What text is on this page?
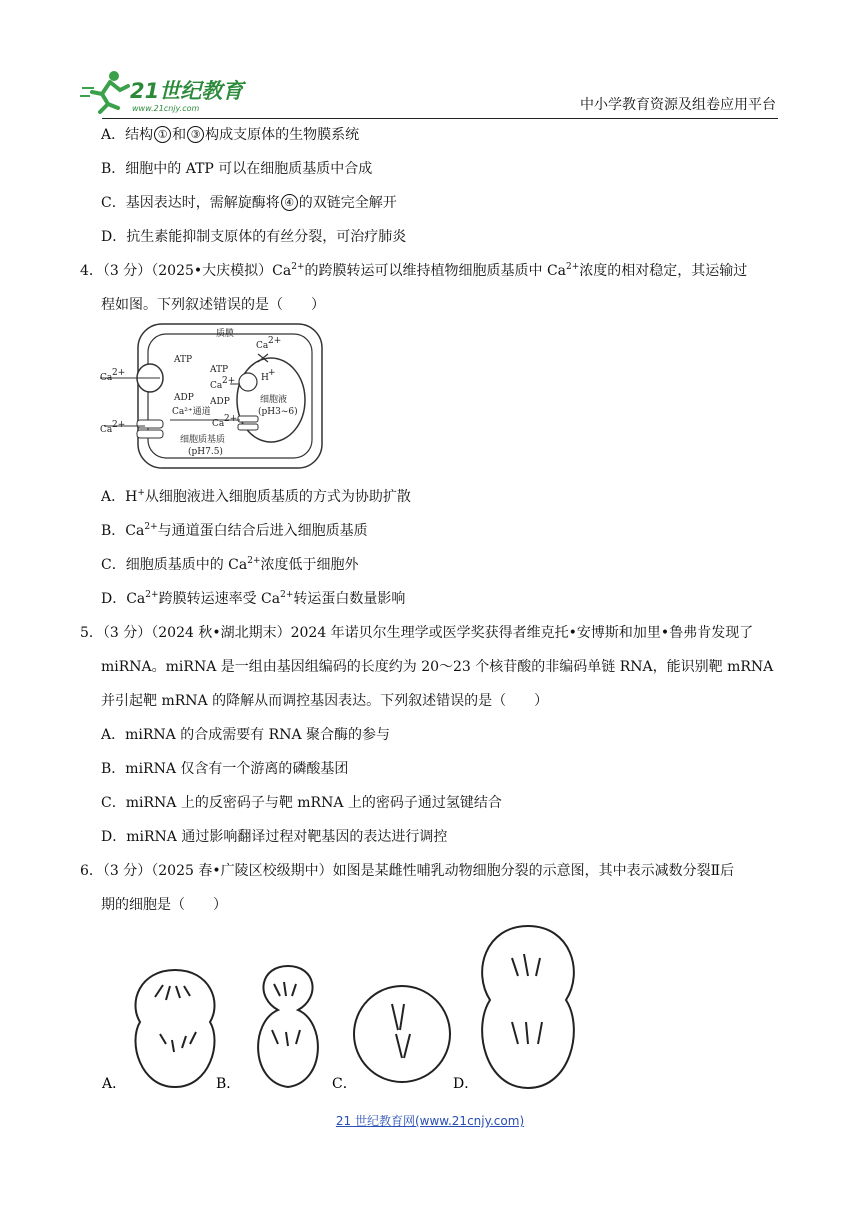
21世纪教育
www.21cnjy.com	中小学教育资源及组卷应用平台
A．结构 ① 和 ③ 构成支原体的生物膜系统
B．细胞中的 ATP 可以在细胞质基质中合成
C．基因表达时，需解旋酶将 ④ 的双链完全解开
D．抗生素能抑制支原体的有丝分裂，可治疗肺炎
4．（3 分）（2025•大庆模拟）$Ca^{2+}$的跨膜转运可以维持植物细胞质基质中 $Ca^{2+}$浓度的相对稳定，其运输过
程如图。下列叙述错误的是（　　）
质膜
ATP
ADP
ATP
Ca 2+
ADP
H +
Ca 2+
Ca 2+
Ca 2+	Ca 2+
Ca²⁺通道
细胞液
(pH3~6)
细胞质基质
(pH7.5)
A．H+从细胞液进入细胞质基质的方式为协助扩散
B．$Ca^{2+}$与通道蛋白结合后进入细胞质基质
C．细胞质基质中的 $Ca^{2+}$浓度低于细胞外
D．$Ca^{2+}$跨膜转运速率受 $Ca^{2+}$转运蛋白数量影响
5．（3 分）（2024 秋•湖北期末）2024 年诺贝尔生理学或医学奖获得者维克托•安博斯和加里•鲁弗肯发现了
miRNA。miRNA 是一组由基因组编码的长度约为 20～23 个核苷酸的非编码单链 RNA，能识别靶 mRNA
并引起靶 mRNA 的降解从而调控基因表达。下列叙述错误的是（　　）
A．miRNA 的合成需要有 RNA 聚合酶的参与
B．miRNA 仅含有一个游离的磷酸基团
C．miRNA 上的反密码子与靶 mRNA 上的密码子通过氢键结合
D．miRNA 通过影响翻译过程对靶基因的表达进行调控
6．（3 分）（2025 春•广陵区校级期中）如图是某雌性哺乳动物细胞分裂的示意图，其中表示减数分裂Ⅱ后
期的细胞是（　　）
A．	B．	C．	D．
21 世纪教育网(www.21cnjy.com)
